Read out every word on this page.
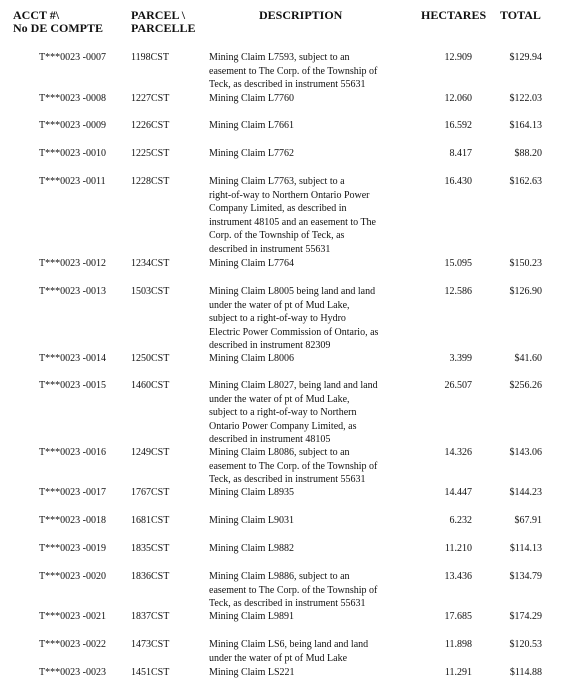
ACCT #\
No DE COMPTE
PARCEL \
PARCELLE
DESCRIPTION	HECTARES TOTAL
T***0023 -0007	1198CST	Mining Claim L7593, subject to an
easement to The Corp. of the Township of
Teck, as described in instrument 55631
12.909	$129.94
T***0023 -0008	1227CST	Mining Claim L7760	12.060	$122.03
T***0023 -0009	1226CST	Mining Claim L7661	16.592	$164.13
T***0023 -0010	1225CST	Mining Claim L7762	8.417	$88.20
T***0023 -0011	1228CST	Mining Claim L7763, subject to a
right-of-way to Northern Ontario Power
Company Limited, as described in
instrument 48105 and an easement to The
Corp. of the Township of Teck, as
described in instrument 55631
16.430	$162.63
T***0023 -0012	1234CST	Mining Claim L7764	15.095	$150.23
T***0023 -0013	1503CST	Mining Claim L8005 being land and land
under the water of pt of Mud Lake,
subject to a right-of-way to Hydro
Electric Power Commission of Ontario, as
described in instrument 82309
12.586	$126.90
T***0023 -0014	1250CST	Mining Claim L8006	3.399	$41.60
T***0023 -0015	1460CST	Mining Claim L8027, being land and land
under the water of pt of Mud Lake,
subject to a right-of-way to Northern
Ontario Power Company Limited, as
described in instrument 48105
26.507	$256.26
T***0023 -0016	1249CST	Mining Claim L8086, subject to an
easement to The Corp. of the Township of
Teck, as described in instrument 55631
14.326	$143.06
T***0023 -0017	1767CST	Mining Claim L8935	14.447	$144.23
T***0023 -0018	1681CST	Mining Claim L9031	6.232	$67.91
T***0023 -0019	1835CST	Mining Claim L9882	11.210	$114.13
T***0023 -0020	1836CST	Mining Claim L9886, subject to an
easement to The Corp. of the Township of
Teck, as described in instrument 55631
13.436	$134.79
T***0023 -0021	1837CST	Mining Claim L9891	17.685	$174.29
T***0023 -0022	1473CST	Mining Claim LS6, being land and land
under the water of pt of Mud Lake
11.898	$120.53
T***0023 -0023	1451CST	Mining Claim LS221	11.291	$114.88
